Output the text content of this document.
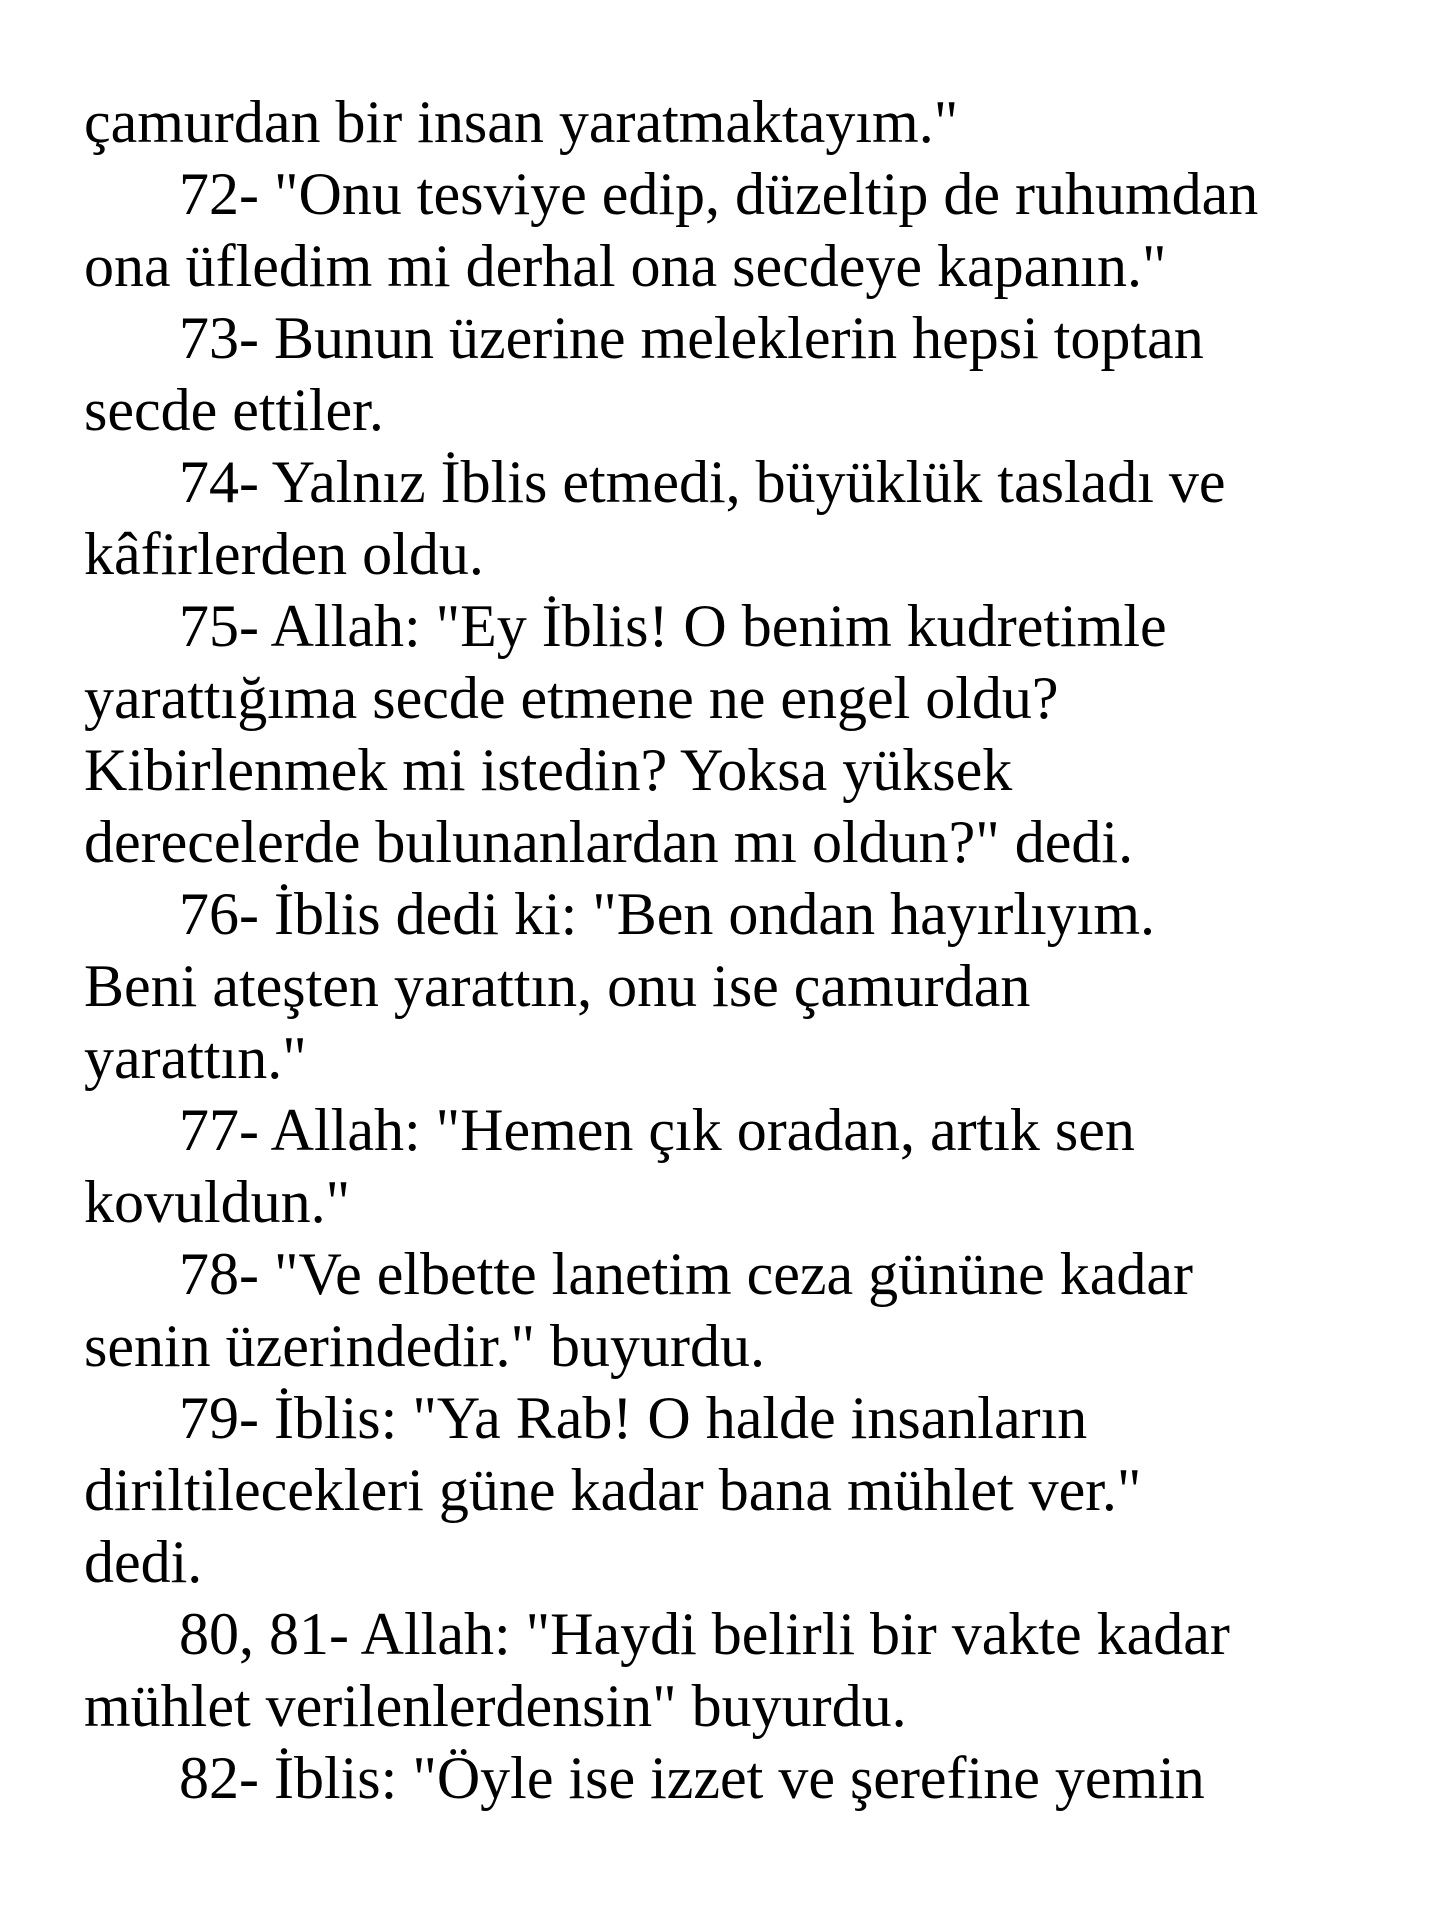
çamurdan bir insan yaratmaktayım."
72- "Onu tesviye edip, düzeltip de ruhumdan
ona üfledim mi derhal ona secdeye kapanın."
73- Bunun üzerine meleklerin hepsi toptan
secde ettiler.
74- Yalnız İblis etmedi, büyüklük tasladı ve
kâfirlerden oldu.
75- Allah: "Ey İblis! O benim kudretimle
yarattığıma secde etmene ne engel oldu?
Kibirlenmek mi istedin? Yoksa yüksek
derecelerde bulunanlardan mı oldun?" dedi.
76- İblis dedi ki: "Ben ondan hayırlıyım.
Beni ateşten yarattın, onu ise çamurdan
yarattın."
77- Allah: "Hemen çık oradan, artık sen
kovuldun."
78- "Ve elbette lanetim ceza gününe kadar
senin üzerindedir." buyurdu.
79- İblis: "Ya Rab! O halde insanların
diriltilecekleri güne kadar bana mühlet ver."
dedi.
80, 81- Allah: "Haydi belirli bir vakte kadar
mühlet verilenlerdensin" buyurdu.
82- İblis: "Öyle ise izzet ve şerefine yemin
